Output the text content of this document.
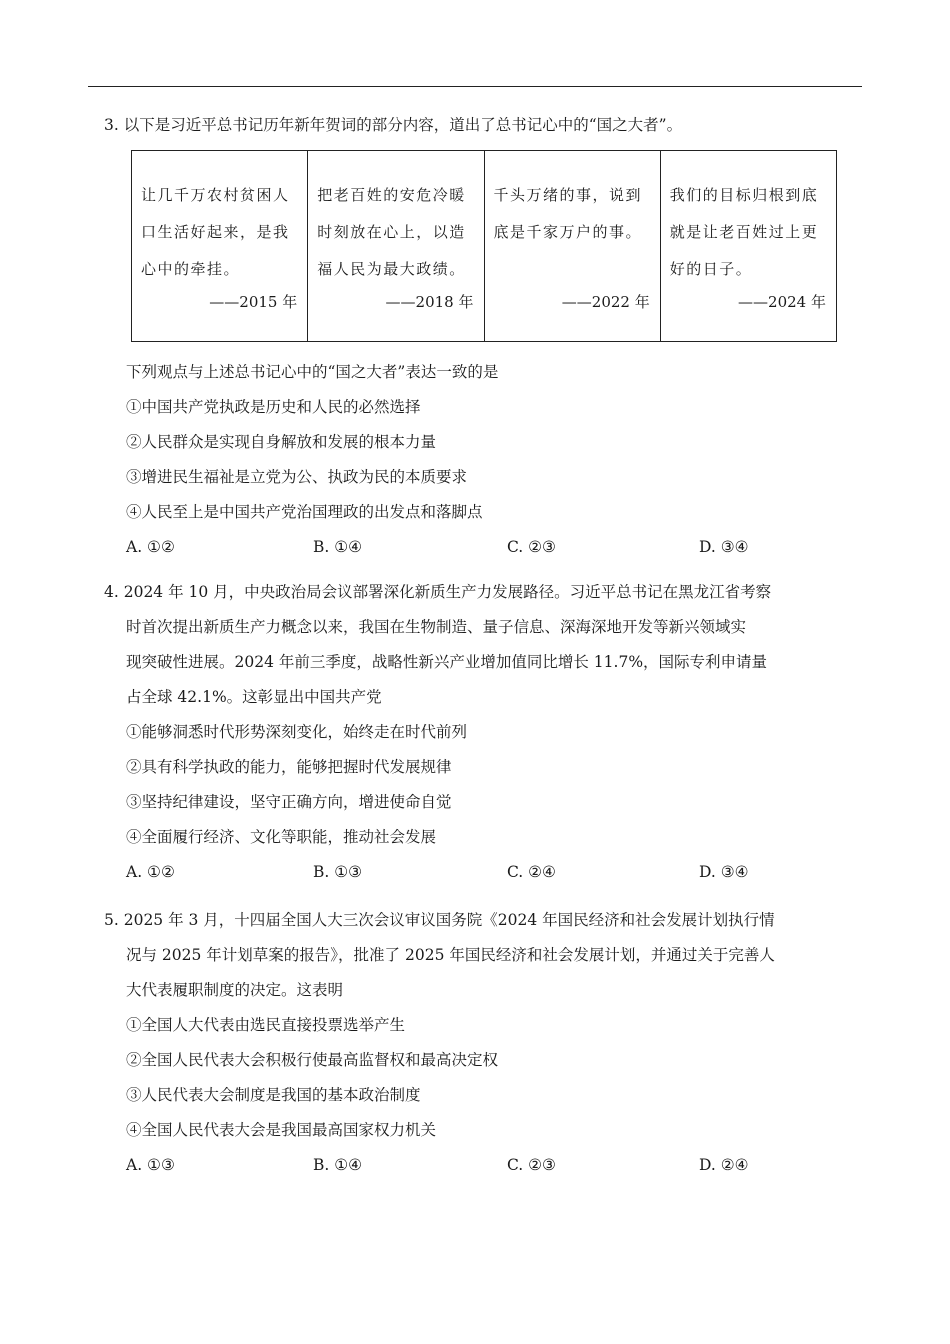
3. 以下是习近平总书记历年新年贺词的部分内容，道出了总书记心中的“国之大者”。

让几千万农村贫困人口生活好起来，是我心中的牵挂。
——2015 年
把老百姓的安危冷暖时刻放在心上，以造福人民为最大政绩。
——2018 年
千头万绪的事，说到底是千家万户的事。
——2022 年
我们的目标归根到底就是让老百姓过上更好的日子。
——2024 年

下列观点与上述总书记心中的“国之大者”表达一致的是

①中国共产党执政是历史和人民的必然选择

②人民群众是实现自身解放和发展的根本力量

③增进民生福祉是立党为公、执政为民的本质要求

④人民至上是中国共产党治国理政的出发点和落脚点

A. ①②	B. ①④	C. ②③	D. ③④

4. 2024 年 10 月，中央政治局会议部署深化新质生产力发展路径。习近平总书记在黑龙江省考察

时首次提出新质生产力概念以来，我国在生物制造、量子信息、深海深地开发等新兴领域实

现突破性进展。2024 年前三季度，战略性新兴产业增加值同比增长 11.7%，国际专利申请量

占全球 42.1%。这彰显出中国共产党

①能够洞悉时代形势深刻变化，始终走在时代前列

②具有科学执政的能力，能够把握时代发展规律

③坚持纪律建设，坚守正确方向，增进使命自觉

④全面履行经济、文化等职能，推动社会发展

A. ①②	B. ①③	C. ②④	D. ③④

5. 2025 年 3 月，十四届全国人大三次会议审议国务院《2024 年国民经济和社会发展计划执行情

况与 2025 年计划草案的报告》，批准了 2025 年国民经济和社会发展计划，并通过关于完善人

大代表履职制度的决定。这表明

①全国人大代表由选民直接投票选举产生

②全国人民代表大会积极行使最高监督权和最高决定权

③人民代表大会制度是我国的基本政治制度

④全国人民代表大会是我国最高国家权力机关

A. ①③	B. ①④	C. ②③	D. ②④
